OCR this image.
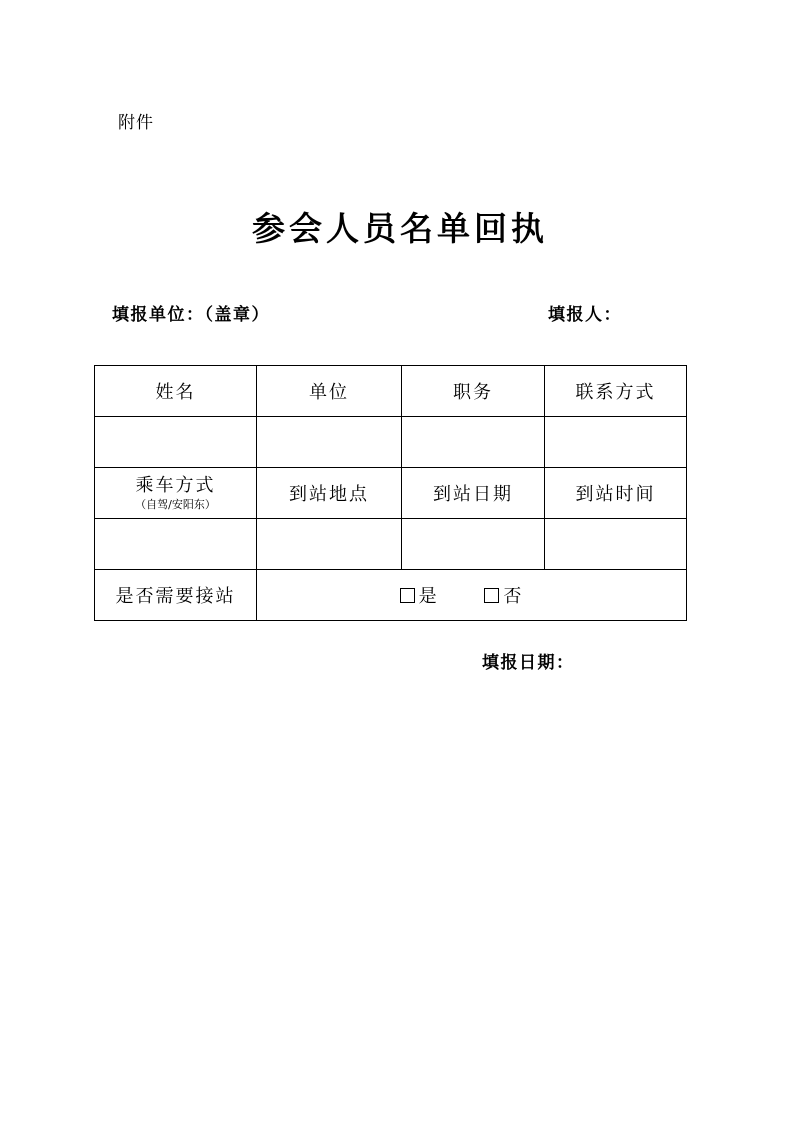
附件
参会人员名单回执
填报单位：（盖章）	填报人：
姓名	单位	职务	联系方式

乘车方式
（自驾/安阳东）	到站地点	到站日期	到站时间

是否需要接站	是 否		
填报日期：
